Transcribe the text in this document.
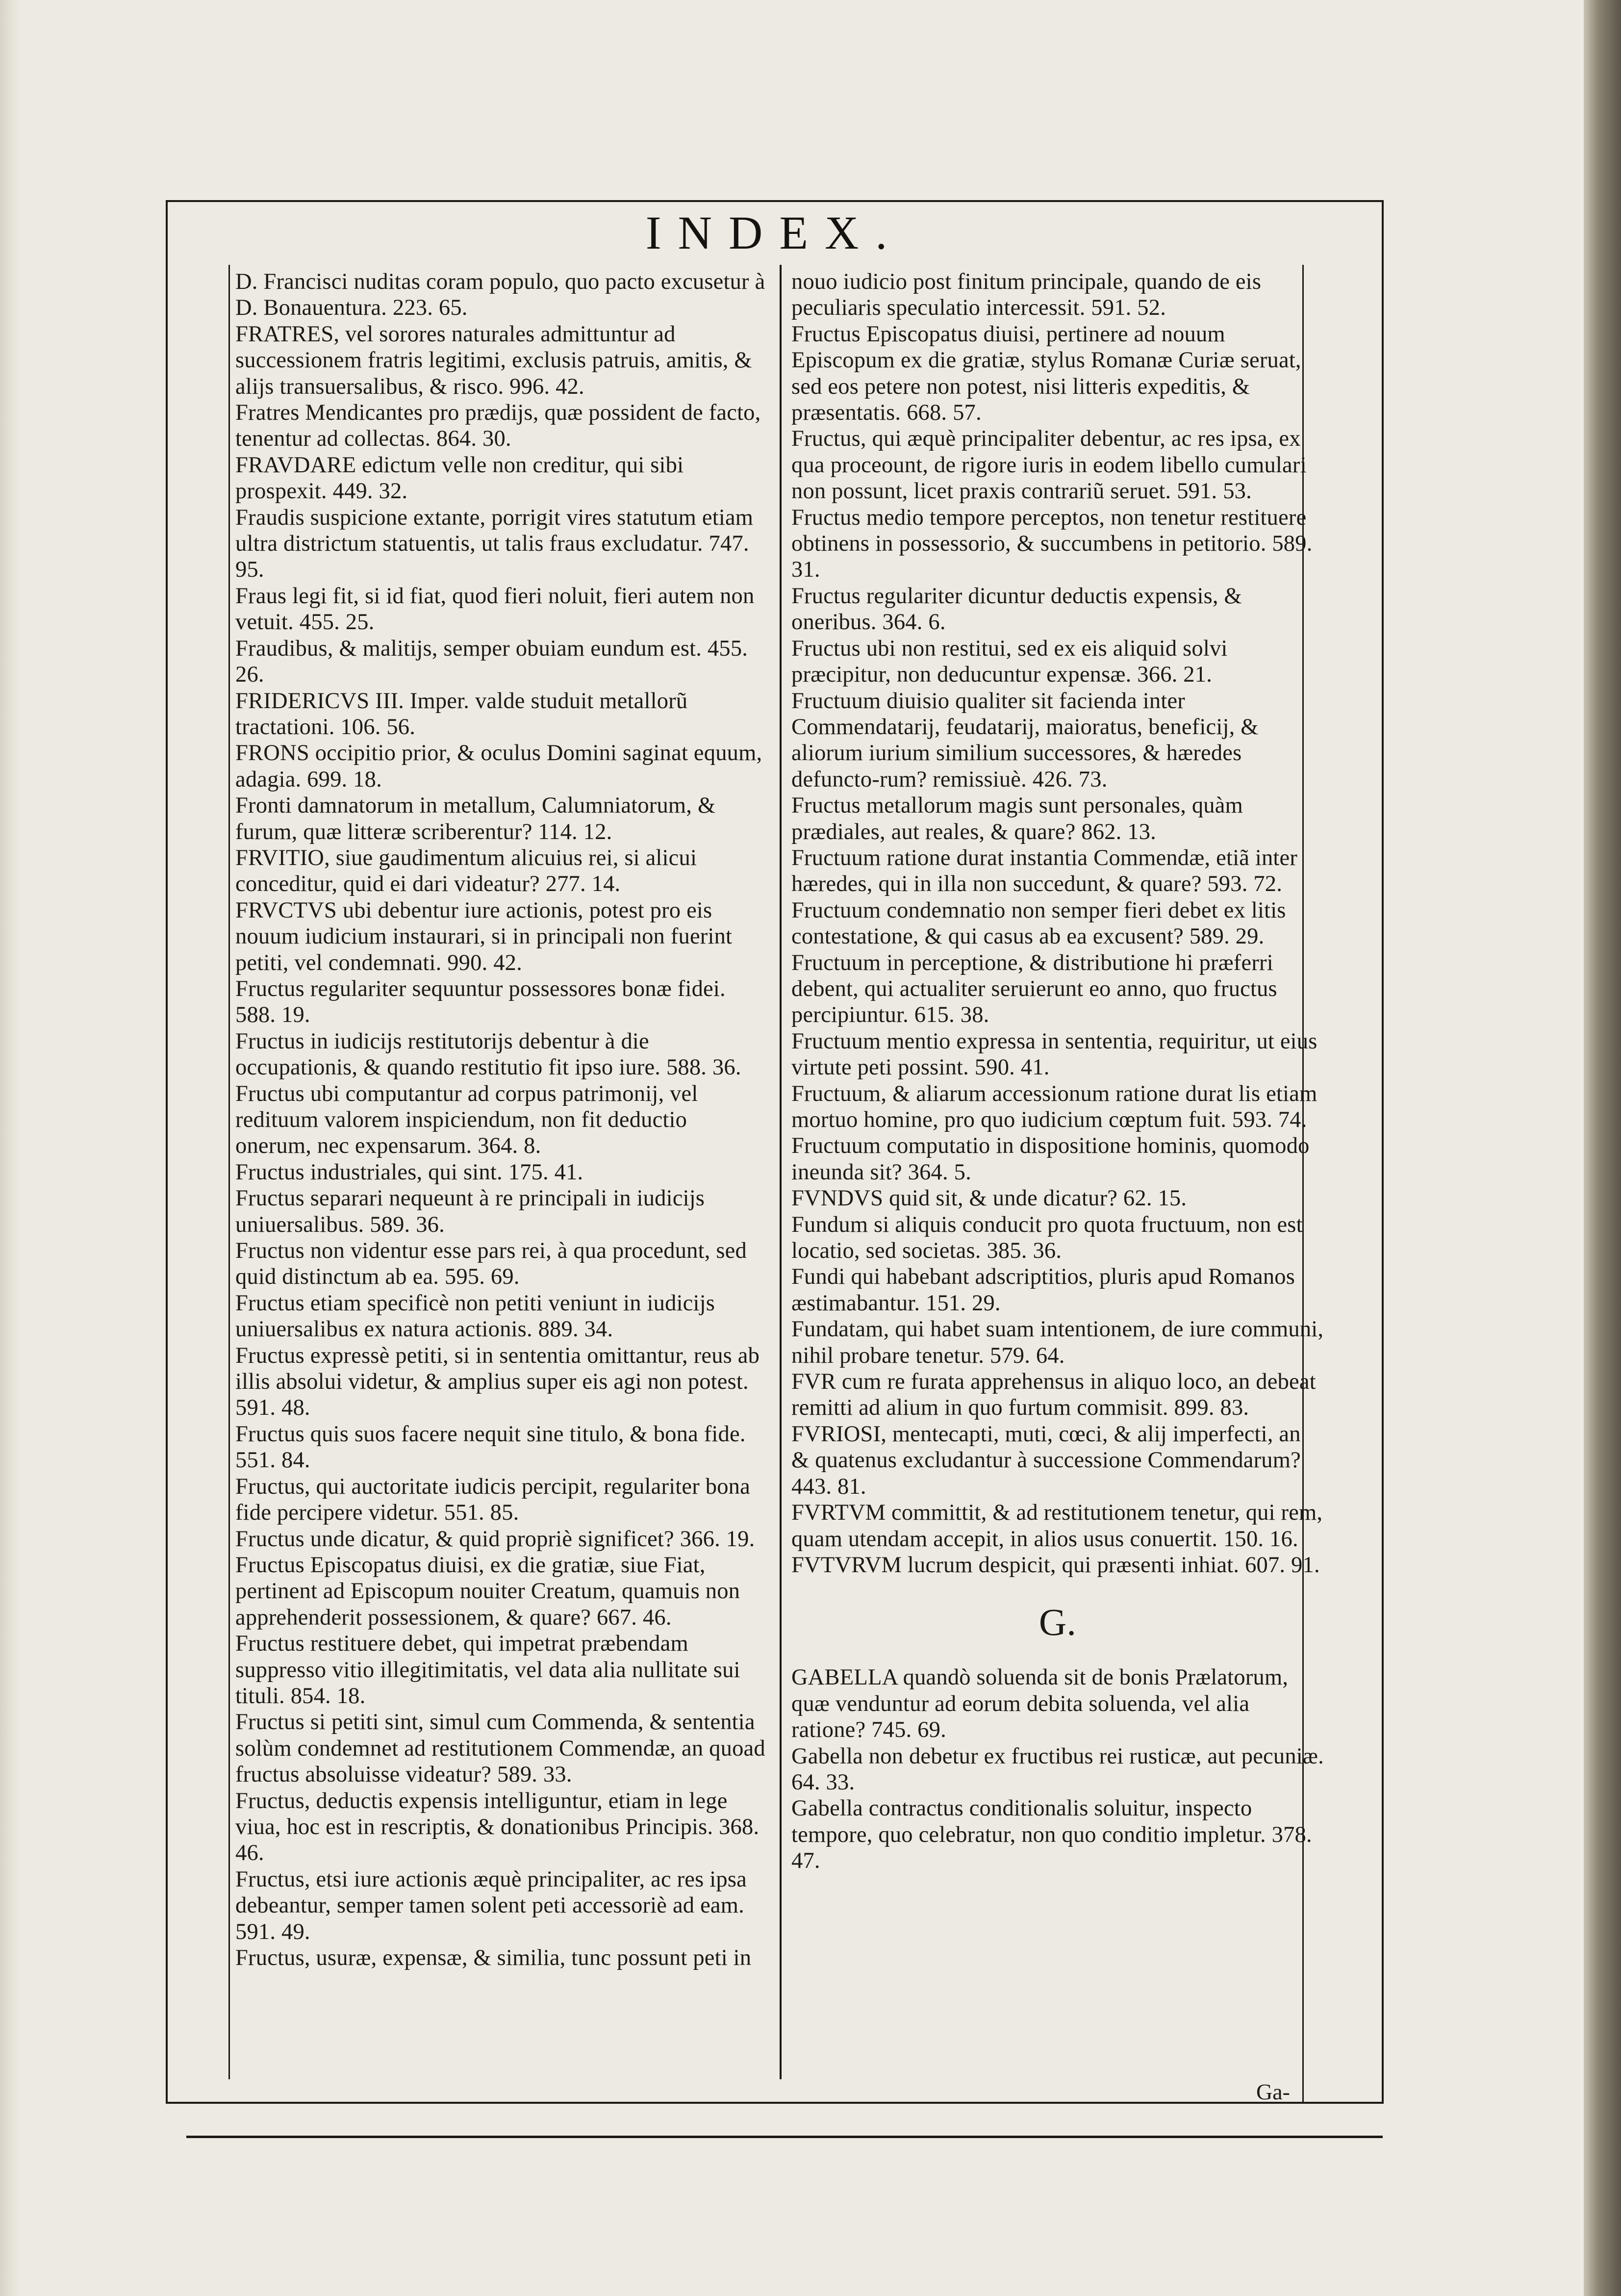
INDEX.

D. Francisci nuditas coram populo, quo pacto excusetur à D. Bonauentura. 223. 65.

FRATRES, vel sorores naturales admittuntur ad successionem fratris legitimi, exclusis patruis, amitis, & alijs transuersalibus, & risco. 996. 42.

Fratres Mendicantes pro prædijs, quæ possident de facto, tenentur ad collectas. 864. 30.

FRAVDARE edictum velle non creditur, qui sibi prospexit. 449. 32.

Fraudis suspicione extante, porrigit vires statutum etiam ultra districtum statuentis, ut talis fraus excludatur. 747. 95.

Fraus legi fit, si id fiat, quod fieri noluit, fieri autem non vetuit. 455. 25.

Fraudibus, & malitijs, semper obuiam eundum est. 455. 26.

FRIDERICVS III. Imper. valde studuit metallorũ tractationi. 106. 56.

FRONS occipitio prior, & oculus Domini saginat equum, adagia. 699. 18.

Fronti damnatorum in metallum, Calumniatorum, & furum, quæ litteræ scriberentur? 114. 12.

FRVITIO, siue gaudimentum alicuius rei, si alicui conceditur, quid ei dari videatur? 277. 14.

FRVCTVS ubi debentur iure actionis, potest pro eis nouum iudicium instaurari, si in principali non fuerint petiti, vel condemnati. 990. 42.

Fructus regulariter sequuntur possessores bonæ fidei. 588. 19.

Fructus in iudicijs restitutorijs debentur à die occupationis, & quando restitutio fit ipso iure. 588. 36.

Fructus ubi computantur ad corpus patrimonij, vel redituum valorem inspiciendum, non fit deductio onerum, nec expensarum. 364. 8.

Fructus industriales, qui sint. 175. 41.

Fructus separari nequeunt à re principali in iudicijs uniuersalibus. 589. 36.

Fructus non videntur esse pars rei, à qua procedunt, sed quid distinctum ab ea. 595. 69.

Fructus etiam specificè non petiti veniunt in iudicijs uniuersalibus ex natura actionis. 889. 34.

Fructus expressè petiti, si in sententia omittantur, reus ab illis absolui videtur, & amplius super eis agi non potest. 591. 48.

Fructus quis suos facere nequit sine titulo, & bona fide. 551. 84.

Fructus, qui auctoritate iudicis percipit, regulariter bona fide percipere videtur. 551. 85.

Fructus unde dicatur, & quid propriè significet? 366. 19.

Fructus Episcopatus diuisi, ex die gratiæ, siue Fiat, pertinent ad Episcopum nouiter Creatum, quamuis non apprehenderit possessionem, & quare? 667. 46.

Fructus restituere debet, qui impetrat præbendam suppresso vitio illegitimitatis, vel data alia nullitate sui tituli. 854. 18.

Fructus si petiti sint, simul cum Commenda, & sententia solùm condemnet ad restitutionem Commendæ, an quoad fructus absoluisse videatur? 589. 33.

Fructus, deductis expensis intelliguntur, etiam in lege viua, hoc est in rescriptis, & donationibus Principis. 368. 46.

Fructus, etsi iure actionis æquè principaliter, ac res ipsa debeantur, semper tamen solent peti accessoriè ad eam. 591. 49.

Fructus, usuræ, expensæ, & similia, tunc possunt peti in

nouo iudicio post finitum principale, quando de eis peculiaris speculatio intercessit. 591. 52.

Fructus Episcopatus diuisi, pertinere ad nouum Episcopum ex die gratiæ, stylus Romanæ Curiæ seruat, sed eos petere non potest, nisi litteris expeditis, & præsentatis. 668. 57.

Fructus, qui æquè principaliter debentur, ac res ipsa, ex qua proceount, de rigore iuris in eodem libello cumulari non possunt, licet praxis contrariũ seruet. 591. 53.

Fructus medio tempore perceptos, non tenetur restituere obtinens in possessorio, & succumbens in petitorio. 589. 31.

Fructus regulariter dicuntur deductis expensis, & oneribus. 364. 6.

Fructus ubi non restitui, sed ex eis aliquid solvi præcipitur, non deducuntur expensæ. 366. 21.

Fructuum diuisio qualiter sit facienda inter Commendatarij, feudatarij, maioratus, beneficij, & aliorum iurium similium successores, & hæredes defuncto-rum? remissiuè. 426. 73.

Fructus metallorum magis sunt personales, quàm prædiales, aut reales, & quare? 862. 13.

Fructuum ratione durat instantia Commendæ, etiã inter hæredes, qui in illa non succedunt, & quare? 593. 72.

Fructuum condemnatio non semper fieri debet ex litis contestatione, & qui casus ab ea excusent? 589. 29.

Fructuum in perceptione, & distributione hi præferri debent, qui actualiter seruierunt eo anno, quo fructus percipiuntur. 615. 38.

Fructuum mentio expressa in sententia, requiritur, ut eius virtute peti possint. 590. 41.

Fructuum, & aliarum accessionum ratione durat lis etiam mortuo homine, pro quo iudicium cœptum fuit. 593. 74.

Fructuum computatio in dispositione hominis, quomodo ineunda sit? 364. 5.

FVNDVS quid sit, & unde dicatur? 62. 15.

Fundum si aliquis conducit pro quota fructuum, non est locatio, sed societas. 385. 36.

Fundi qui habebant adscriptitios, pluris apud Romanos æstimabantur. 151. 29.

Fundatam, qui habet suam intentionem, de iure communi, nihil probare tenetur. 579. 64.

FVR cum re furata apprehensus in aliquo loco, an debeat remitti ad alium in quo furtum commisit. 899. 83.

FVRIOSI, mentecapti, muti, cœci, & alij imperfecti, an & quatenus excludantur à successione Commendarum? 443. 81.

FVRTVM committit, & ad restitutionem tenetur, qui rem, quam utendam accepit, in alios usus conuertit. 150. 16.

FVTVRVM lucrum despicit, qui præsenti inhiat. 607. 91.

G.

GABELLA quandò soluenda sit de bonis Prælatorum, quæ venduntur ad eorum debita soluenda, vel alia ratione? 745. 69.

Gabella non debetur ex fructibus rei rusticæ, aut pecuniæ. 64. 33.

Gabella contractus conditionalis soluitur, inspecto tempore, quo celebratur, non quo conditio impletur. 378. 47.

Ga-
